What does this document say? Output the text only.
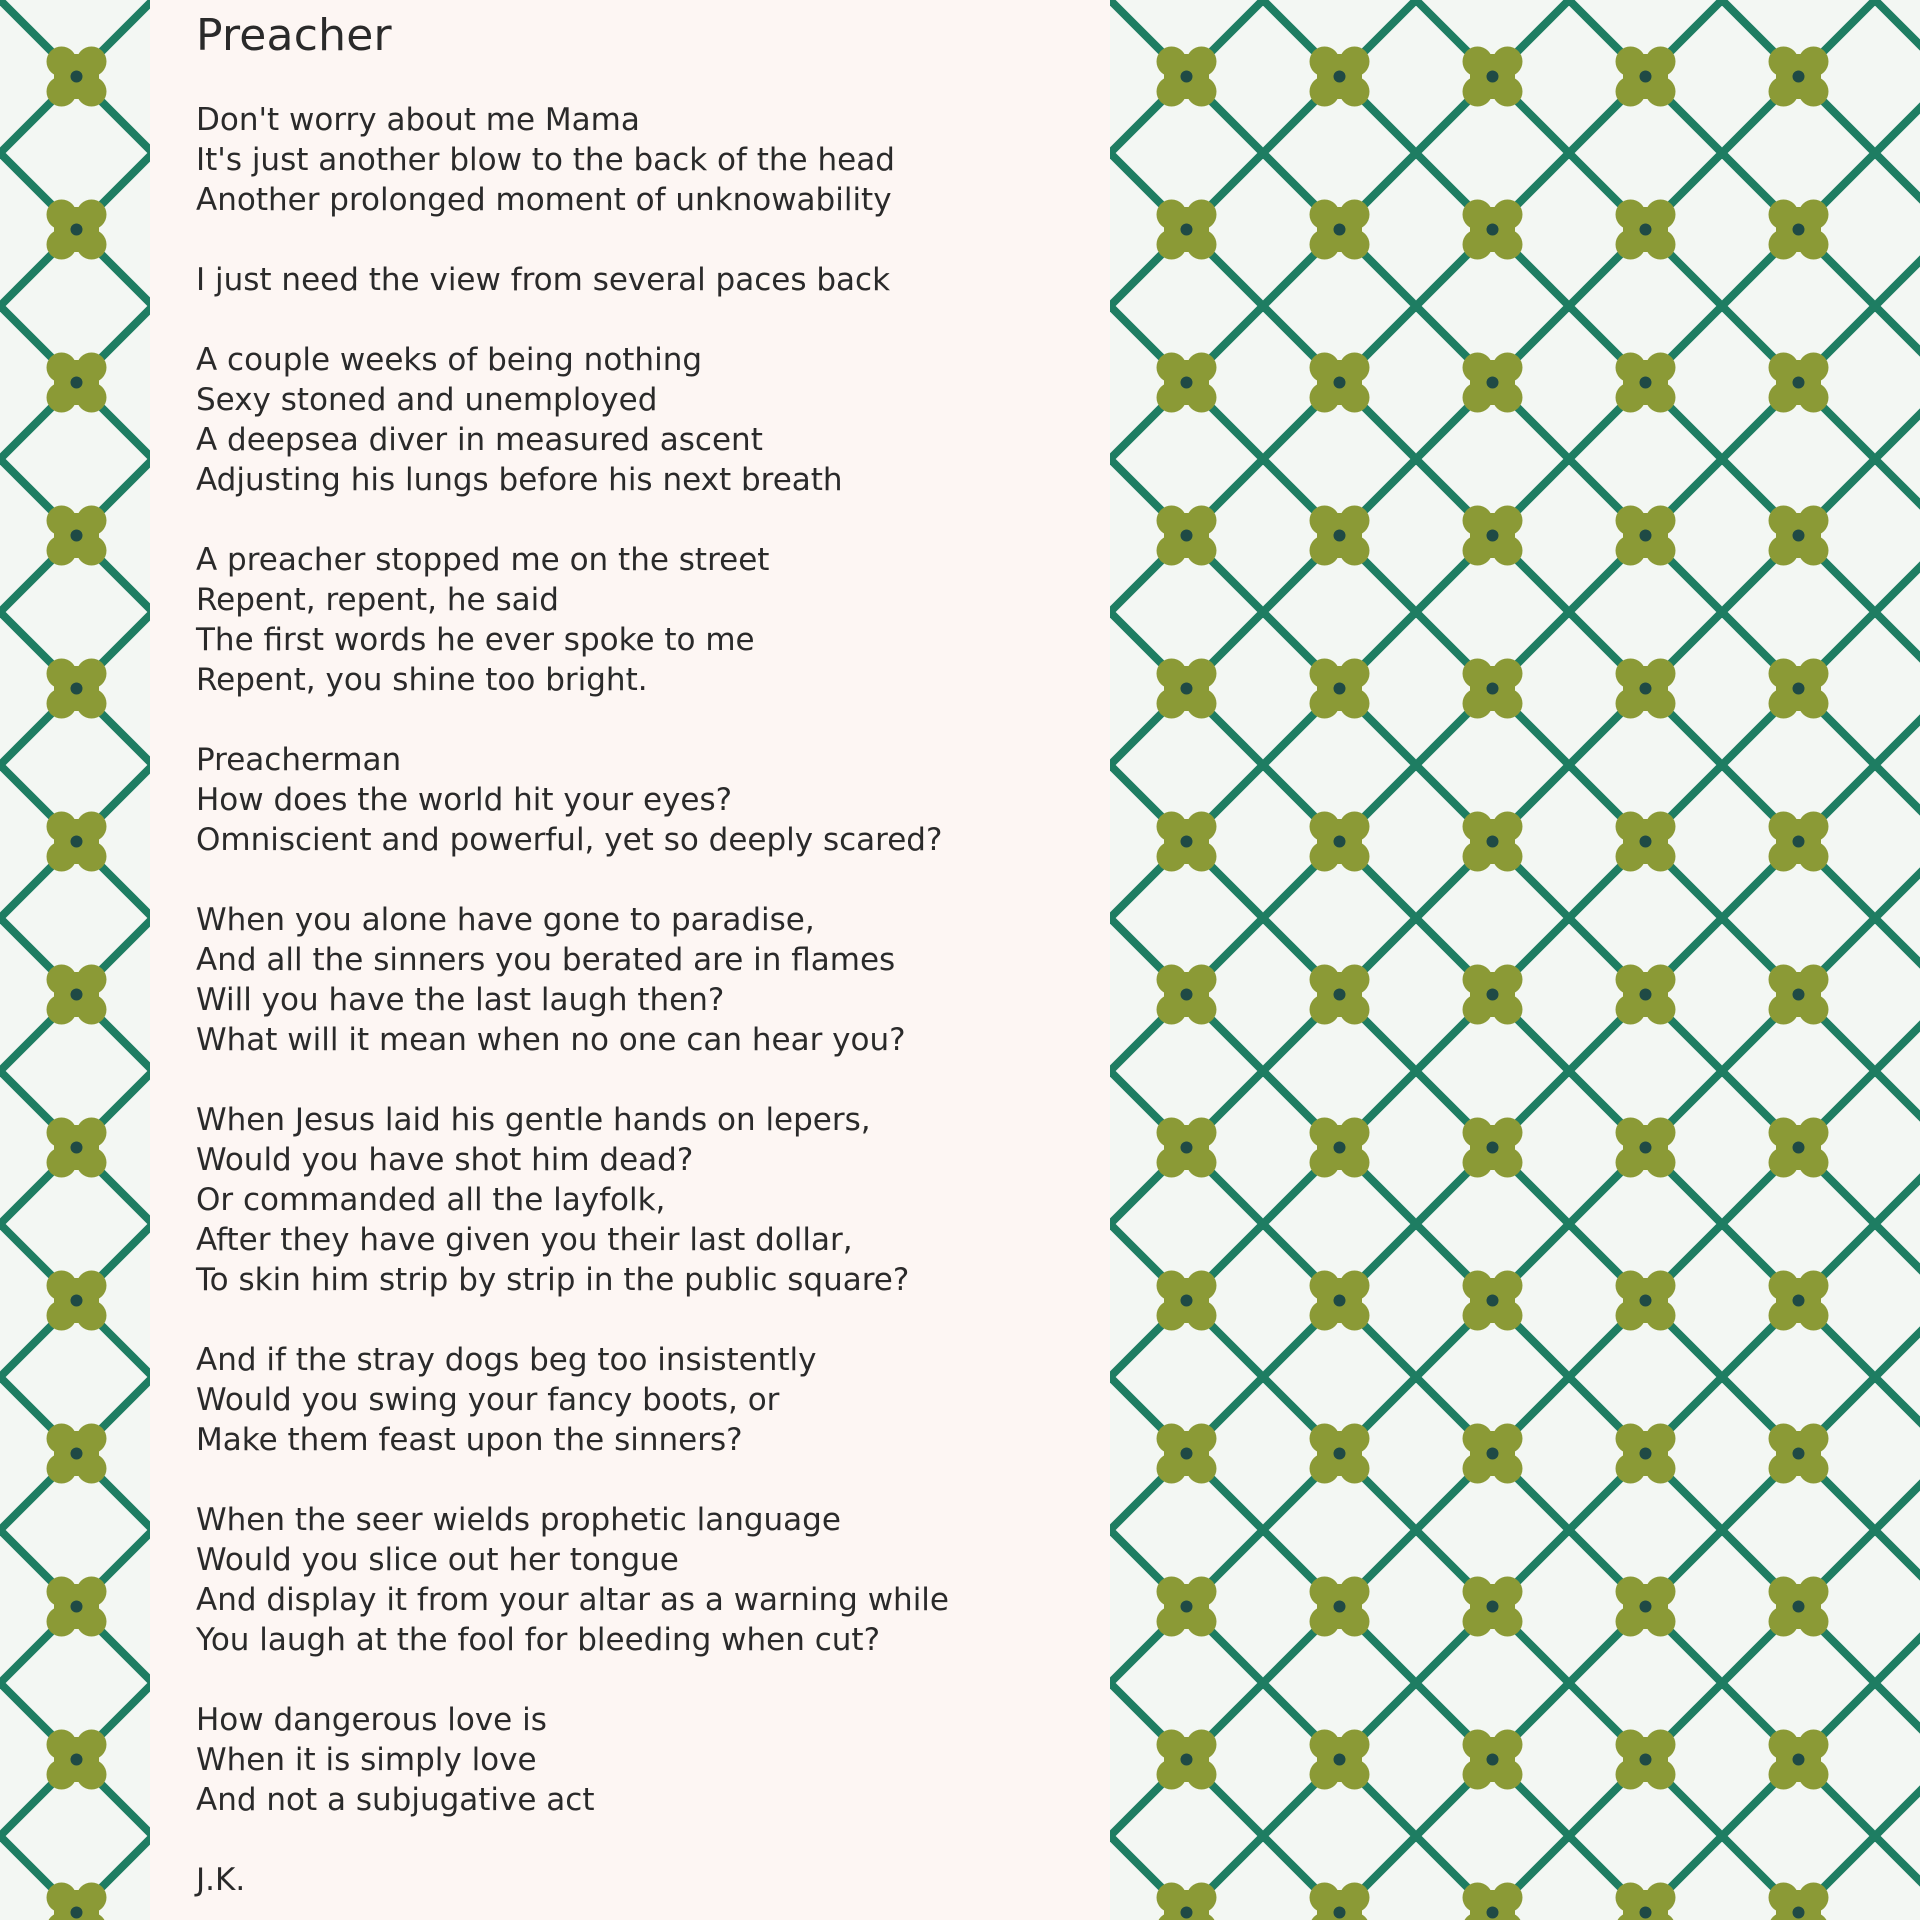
Preacher
Don't worry about me Mama
It's just another blow to the back of the head
Another prolonged moment of unknowability
I just need the view from several paces back
A couple weeks of being nothing
Sexy stoned and unemployed
A deepsea diver in measured ascent
Adjusting his lungs before his next breath
A preacher stopped me on the street
Repent, repent, he said
The first words he ever spoke to me
Repent, you shine too bright.
Preacherman
How does the world hit your eyes?
Omniscient and powerful, yet so deeply scared?
When you alone have gone to paradise,
And all the sinners you berated are in flames
Will you have the last laugh then?
What will it mean when no one can hear you?
When Jesus laid his gentle hands on lepers,
Would you have shot him dead?
Or commanded all the layfolk,
After they have given you their last dollar,
To skin him strip by strip in the public square?
And if the stray dogs beg too insistently
Would you swing your fancy boots, or
Make them feast upon the sinners?
When the seer wields prophetic language
Would you slice out her tongue
And display it from your altar as a warning while
You laugh at the fool for bleeding when cut?
How dangerous love is
When it is simply love
And not a subjugative act
J.K.
